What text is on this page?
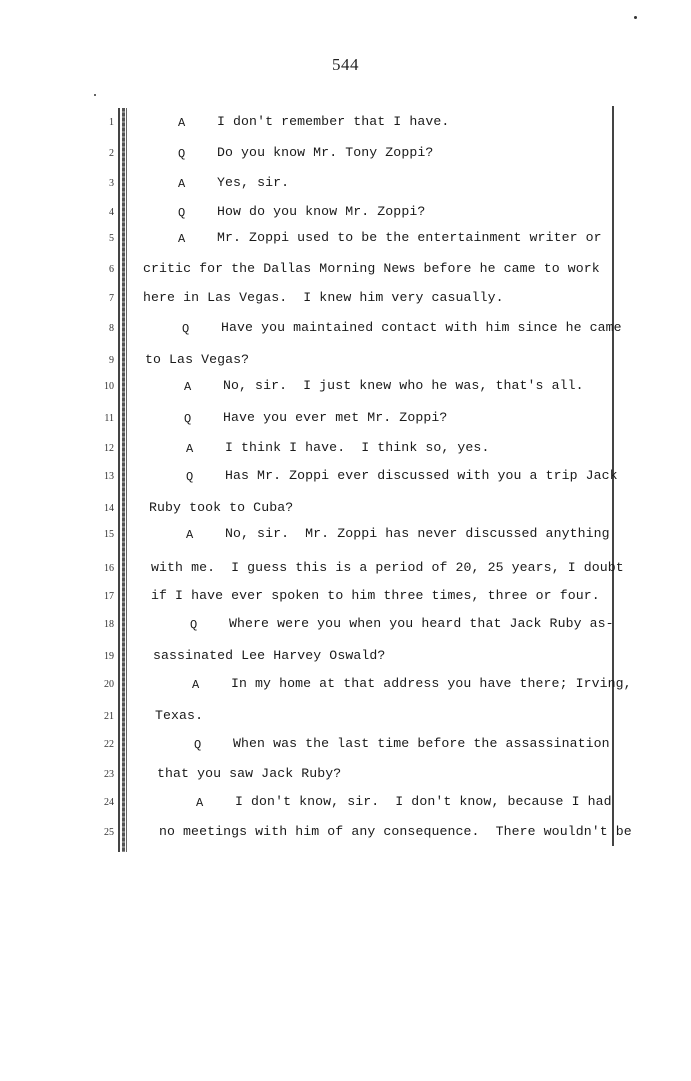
544
1	A I don't remember that I have.
2	Q Do you know Mr. Tony Zoppi?
3	A Yes, sir.
4	Q How do you know Mr. Zoppi?
5	A Mr. Zoppi used to be the entertainment writer or
6 critic for the Dallas Morning News before he came to work
7 here in Las Vegas.  I knew him very casually.
8	Q Have you maintained contact with him since he came
9 to Las Vegas?
10	A No, sir.  I just knew who he was, that's all.
11	Q Have you ever met Mr. Zoppi?
12	A I think I have.  I think so, yes.
13	Q Has Mr. Zoppi ever discussed with you a trip Jack
14	Ruby took to Cuba?
15	A No, sir.  Mr. Zoppi has never discussed anything
16	with me.  I guess this is a period of 20, 25 years, I doubt
17	if I have ever spoken to him three times, three or four.
18	Q Where were you when you heard that Jack Ruby as-
19	sassinated Lee Harvey Oswald?
20	A In my home at that address you have there; Irving,
21	Texas.
22	Q When was the last time before the assassination
23	that you saw Jack Ruby?
24	A I don't know, sir.  I don't know, because I had
25	no meetings with him of any consequence.  There wouldn't be
